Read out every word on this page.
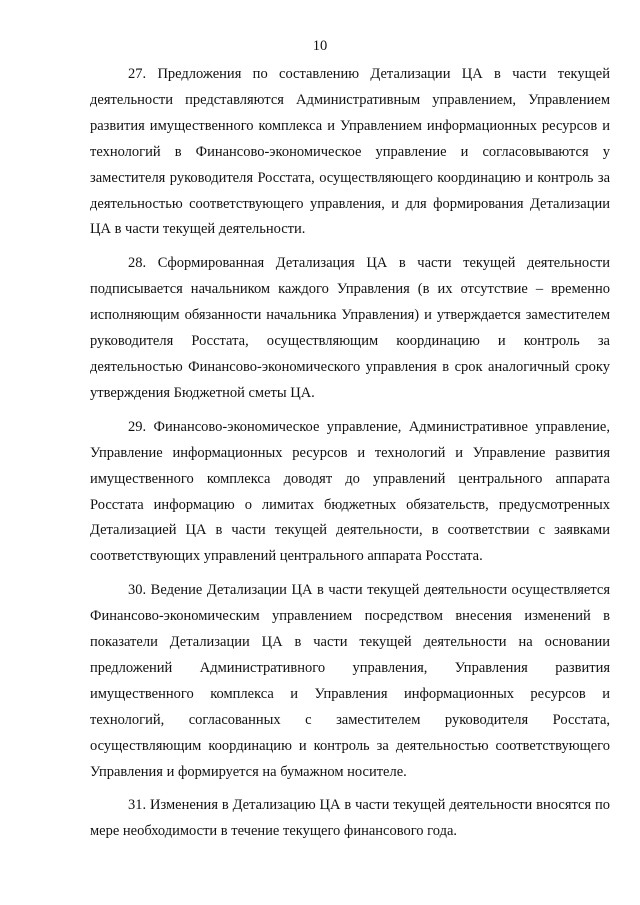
10

27. Предложения по составлению Детализации ЦА в части текущей деятельности представляются Административным управлением, Управлением развития имущественного комплекса и Управлением информационных ресурсов и технологий в Финансово-экономическое управление и согласовываются у заместителя руководителя Росстата, осуществляющего координацию и контроль за деятельностью соответствующего управления, и для формирования Детализации ЦА в части текущей деятельности.

28. Сформированная Детализация ЦА в части текущей деятельности подписывается начальником каждого Управления (в их отсутствие – временно исполняющим обязанности начальника Управления) и утверждается заместителем руководителя Росстата, осуществляющим координацию и контроль за деятельностью Финансово-экономического управления в срок аналогичный сроку утверждения Бюджетной сметы ЦА.

29. Финансово-экономическое управление, Административное управление, Управление информационных ресурсов и технологий и Управление развития имущественного комплекса доводят до управлений центрального аппарата Росстата информацию о лимитах бюджетных обязательств, предусмотренных Детализацией ЦА в части текущей деятельности, в соответствии с заявками соответствующих управлений центрального аппарата Росстата.

30. Ведение Детализации ЦА в части текущей деятельности осуществляется Финансово-экономическим управлением посредством внесения изменений в показатели Детализации ЦА в части текущей деятельности на основании предложений Административного управления, Управления развития имущественного комплекса и Управления информационных ресурсов и технологий, согласованных с заместителем руководителя Росстата, осуществляющим координацию и контроль за деятельностью соответствующего Управления и формируется на бумажном носителе.

31. Изменения в Детализацию ЦА в части текущей деятельности вносятся по мере необходимости в течение текущего финансового года.
